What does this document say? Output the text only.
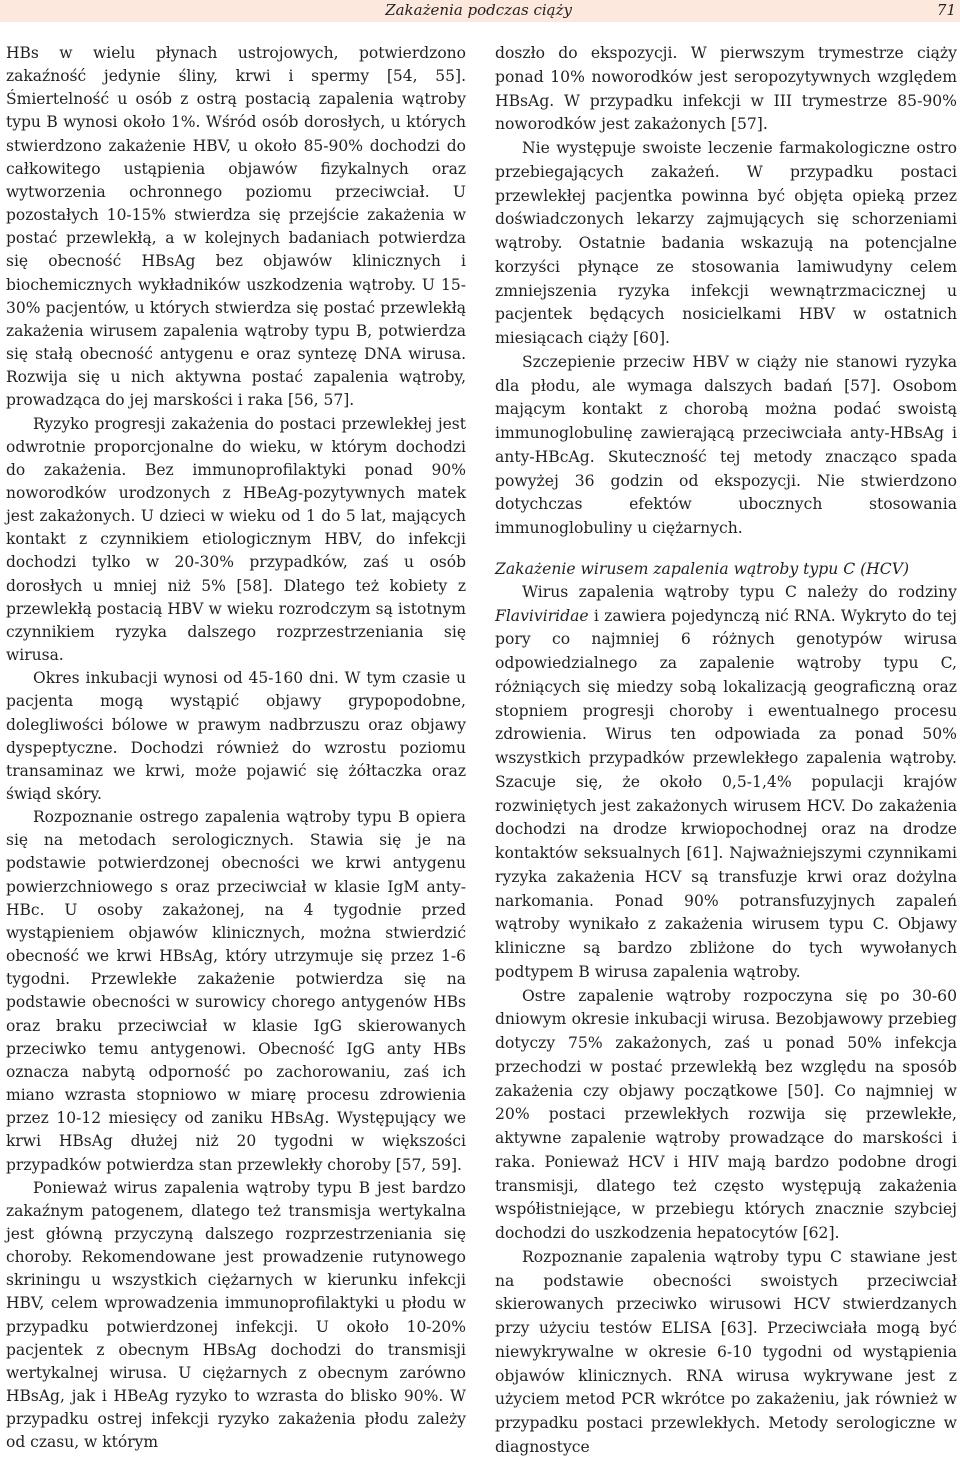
Zakażenia podczas ciąży	71

HBs w wielu płynach ustrojowych, potwierdzono zakaźność jedynie śliny, krwi i spermy [54, 55]. Śmiertelność u osób z ostrą postacią zapalenia wątroby typu B wynosi około 1%. Wśród osób dorosłych, u których stwierdzono zakażenie HBV, u około 85-90% dochodzi do całkowitego ustąpienia objawów fizykalnych oraz wytworzenia ochronnego poziomu przeciwciał. U pozostałych 10-15% stwierdza się przejście zakażenia w postać przewlekłą, a w kolejnych badaniach potwierdza się obecność HBsAg bez objawów klinicznych i biochemicznych wykładników uszkodzenia wątroby. U 15-30% pacjentów, u których stwierdza się postać przewlekłą zakażenia wirusem zapalenia wątroby typu B, potwierdza się stałą obecność antygenu e oraz syntezę DNA wirusa. Rozwija się u nich aktywna postać zapalenia wątroby, prowadząca do jej marskości i raka [56, 57].

Ryzyko progresji zakażenia do postaci przewlekłej jest odwrotnie proporcjonalne do wieku, w którym dochodzi do zakażenia. Bez immunoprofilaktyki ponad 90% noworodków urodzonych z HBeAg-pozytywnych matek jest zakażonych. U dzieci w wieku od 1 do 5 lat, mających kontakt z czynnikiem etiologicznym HBV, do infekcji dochodzi tylko w 20-30% przypadków, zaś u osób dorosłych u mniej niż 5% [58]. Dlatego też kobiety z przewlekłą postacią HBV w wieku rozrodczym są istotnym czynnikiem ryzyka dalszego rozprzestrzeniania się wirusa.

Okres inkubacji wynosi od 45-160 dni. W tym czasie u pacjenta mogą wystąpić objawy grypopodobne, dolegliwości bólowe w prawym nadbrzuszu oraz objawy dyspeptyczne. Dochodzi również do wzrostu poziomu transaminaz we krwi, może pojawić się żółtaczka oraz świąd skóry.

Rozpoznanie ostrego zapalenia wątroby typu B opiera się na metodach serologicznych. Stawia się je na podstawie potwierdzonej obecności we krwi antygenu powierzchniowego s oraz przeciwciał w klasie IgM anty-HBc. U osoby zakażonej, na 4 tygodnie przed wystąpieniem objawów klinicznych, można stwierdzić obecność we krwi HBsAg, który utrzymuje się przez 1-6 tygodni. Przewlekłe zakażenie potwierdza się na podstawie obecności w surowicy chorego antygenów HBs oraz braku przeciwciał w klasie IgG skierowanych przeciwko temu antygenowi. Obecność IgG anty HBs oznacza nabytą odporność po zachorowaniu, zaś ich miano wzrasta stopniowo w miarę procesu zdrowienia przez 10-12 miesięcy od zaniku HBsAg. Występujący we krwi HBsAg dłużej niż 20 tygodni w większości przypadków potwierdza stan przewlekły choroby [57, 59].

Ponieważ wirus zapalenia wątroby typu B jest bardzo zakaźnym patogenem, dlatego też transmisja wertykalna jest główną przyczyną dalszego rozprzestrzeniania się choroby. Rekomendowane jest prowadzenie rutynowego skriningu u wszystkich ciężarnych w kierunku infekcji HBV, celem wprowadzenia immunoprofilaktyki u płodu w przypadku potwierdzonej infekcji. U około 10-20% pacjentek z obecnym HBsAg dochodzi do transmisji wertykalnej wirusa. U ciężarnych z obecnym zarówno HBsAg, jak i HBeAg ryzyko to wzrasta do blisko 90%. W przypadku ostrej infekcji ryzyko zakażenia płodu zależy od czasu, w którym

doszło do ekspozycji. W pierwszym trymestrze ciąży ponad 10% noworodków jest seropozytywnych względem HBsAg. W przypadku infekcji w III trymestrze 85-90% noworodków jest zakażonych [57].

Nie występuje swoiste leczenie farmakologiczne ostro przebiegających zakażeń. W przypadku postaci przewlekłej pacjentka powinna być objęta opieką przez doświadczonych lekarzy zajmujących się schorzeniami wątroby. Ostatnie badania wskazują na potencjalne korzyści płynące ze stosowania lamiwudyny celem zmniejszenia ryzyka infekcji wewnątrzmacicznej u pacjentek będących nosicielkami HBV w ostatnich miesiącach ciąży [60].

Szczepienie przeciw HBV w ciąży nie stanowi ryzyka dla płodu, ale wymaga dalszych badań [57]. Osobom mającym kontakt z chorobą można podać swoistą immunoglobulinę zawierającą przeciwciała anty-HBsAg i anty-HBcAg. Skuteczność tej metody znacząco spada powyżej 36 godzin od ekspozycji. Nie stwierdzono dotychczas efektów ubocznych stosowania immunoglobuliny u ciężarnych.

Zakażenie wirusem zapalenia wątroby typu C (HCV)

Wirus zapalenia wątroby typu C należy do rodziny Flaviviridae i zawiera pojedynczą nić RNA. Wykryto do tej pory co najmniej 6 różnych genotypów wirusa odpowiedzialnego za zapalenie wątroby typu C, różniących się miedzy sobą lokalizacją geograficzną oraz stopniem progresji choroby i ewentualnego procesu zdrowienia. Wirus ten odpowiada za ponad 50% wszystkich przypadków przewlekłego zapalenia wątroby. Szacuje się, że około 0,5-1,4% populacji krajów rozwiniętych jest zakażonych wirusem HCV. Do zakażenia dochodzi na drodze krwiopochodnej oraz na drodze kontaktów seksualnych [61]. Najważniejszymi czynnikami ryzyka zakażenia HCV są transfuzje krwi oraz dożylna narkomania. Ponad 90% potransfuzyjnych zapaleń wątroby wynikało z zakażenia wirusem typu C. Objawy kliniczne są bardzo zbliżone do tych wywołanych podtypem B wirusa zapalenia wątroby.

Ostre zapalenie wątroby rozpoczyna się po 30-60 dniowym okresie inkubacji wirusa. Bezobjawowy przebieg dotyczy 75% zakażonych, zaś u ponad 50% infekcja przechodzi w postać przewlekłą bez względu na sposób zakażenia czy objawy początkowe [50]. Co najmniej w 20% postaci przewlekłych rozwija się przewlekłe, aktywne zapalenie wątroby prowadzące do marskości i raka. Ponieważ HCV i HIV mają bardzo podobne drogi transmisji, dlatego też często występują zakażenia współistniejące, w przebiegu których znacznie szybciej dochodzi do uszkodzenia hepatocytów [62].

Rozpoznanie zapalenia wątroby typu C stawiane jest na podstawie obecności swoistych przeciwciał skierowanych przeciwko wirusowi HCV stwierdzanych przy użyciu testów ELISA [63]. Przeciwciała mogą być niewykrywalne w okresie 6-10 tygodni od wystąpienia objawów klinicznych. RNA wirusa wykrywane jest z użyciem metod PCR wkrótce po zakażeniu, jak również w przypadku postaci przewlekłych. Metody serologiczne w diagnostyce
